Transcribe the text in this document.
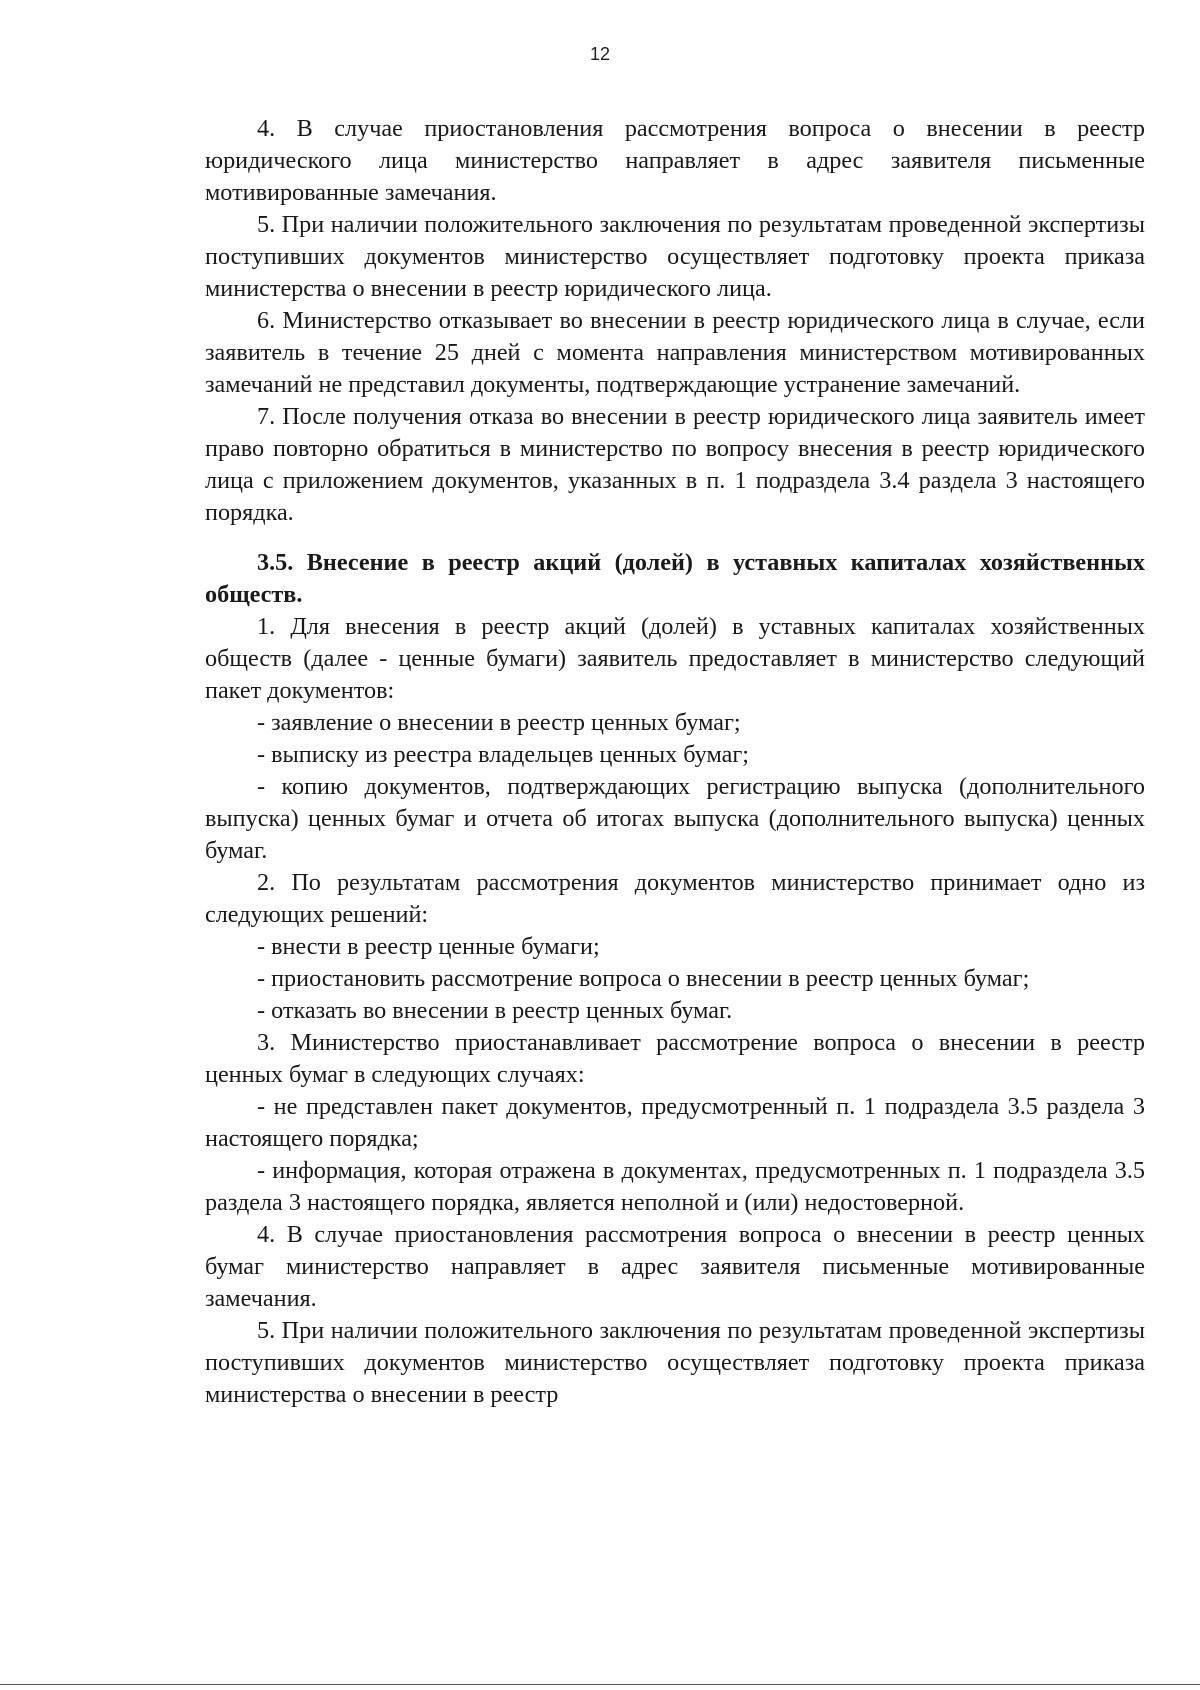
12

4. В случае приостановления рассмотрения вопроса о внесении в реестр юридического лица министерство направляет в адрес заявителя письменные мотивированные замечания.

5. При наличии положительного заключения по результатам проведенной экспертизы поступивших документов министерство осуществляет подготовку проекта приказа министерства о внесении в реестр юридического лица.

6. Министерство отказывает во внесении в реестр юридического лица в случае, если заявитель в течение 25 дней с момента направления министерством мотивированных замечаний не представил документы, подтверждающие устранение замечаний.

7. После получения отказа во внесении в реестр юридического лица заявитель имеет право повторно обратиться в министерство по вопросу внесения в реестр юридического лица с приложением документов, указанных в п. 1 подраздела 3.4 раздела 3 настоящего порядка.

3.5. Внесение в реестр акций (долей) в уставных капиталах хозяйственных обществ.

1. Для внесения в реестр акций (долей) в уставных капиталах хозяйственных обществ (далее - ценные бумаги) заявитель предоставляет в министерство следующий пакет документов:

- заявление о внесении в реестр ценных бумаг;

- выписку из реестра владельцев ценных бумаг;

- копию документов, подтверждающих регистрацию выпуска (дополнительного выпуска) ценных бумаг и отчета об итогах выпуска (дополнительного выпуска) ценных бумаг.

2. По результатам рассмотрения документов министерство принимает одно из следующих решений:

- внести в реестр ценные бумаги;

- приостановить рассмотрение вопроса о внесении в реестр ценных бумаг;

- отказать во внесении в реестр ценных бумаг.

3. Министерство приостанавливает рассмотрение вопроса о внесении в реестр ценных бумаг в следующих случаях:

- не представлен пакет документов, предусмотренный п. 1 подраздела 3.5 раздела 3 настоящего порядка;

- информация, которая отражена в документах, предусмотренных п. 1 подраздела 3.5 раздела 3 настоящего порядка, является неполной и (или) недостоверной.

4. В случае приостановления рассмотрения вопроса о внесении в реестр ценных бумаг министерство направляет в адрес заявителя письменные мотивированные замечания.

5. При наличии положительного заключения по результатам проведенной экспертизы поступивших документов министерство осуществляет подготовку проекта приказа министерства о внесении в реестр
